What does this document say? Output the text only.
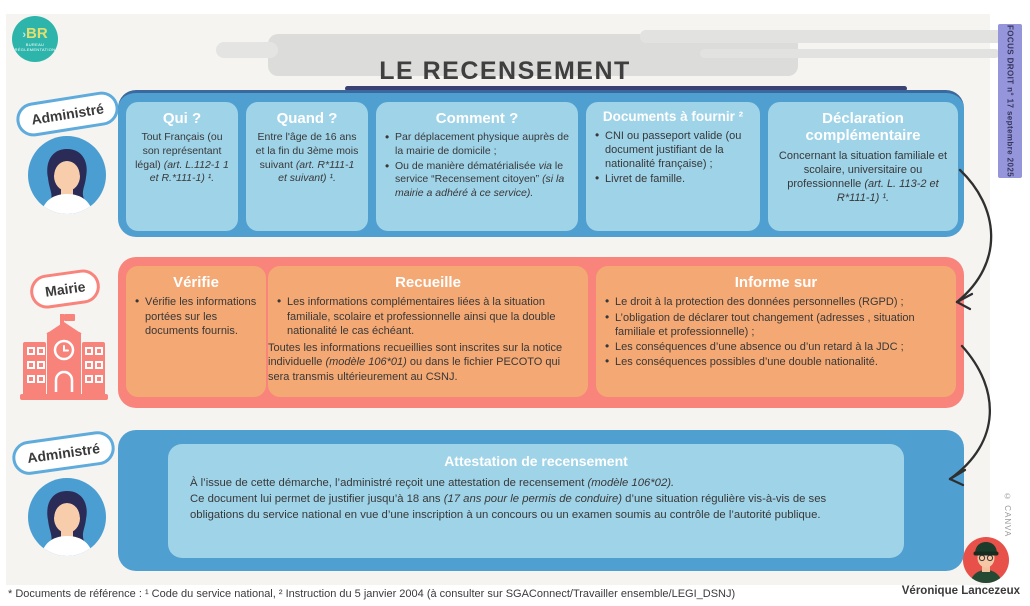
LE RECENSEMENT
›BR
BUREAU
RÉGLEMENTATION	FOCUS DROIT n° 17 septembre 2025
© CANVA
Administré
Mairie
Administré
Qui ?
Tout Français (ou son représentant légal) (art. L.112-1 1 et R.*111-1) ¹.
Quand ?
Entre l'âge de 16 ans et la fin du 3ème mois suivant (art. R*111-1 et suivant) ¹.
Comment ?
• Par déplacement physique auprès de la mairie de domicile ;
• Ou de manière dématérialisée via le service “Recensement citoyen” (si la mairie a adhéré à ce service).
Documents à fournir ²
• CNI ou passeport valide (ou document justifiant de la nationalité française) ;
• Livret de famille.
Déclaration complémentaire
Concernant la situation familiale et scolaire, universitaire ou professionnelle (art. L. 113-2 et R*111-1) ¹.
Vérifie
• Vérifie les informations portées sur les documents fournis.
Recueille
• Les informations complémentaires liées à la situation familiale, scolaire et professionnelle ainsi que la double nationalité le cas échéant.
Toutes les informations recueillies sont inscrites sur la notice individuelle (modèle 106*01) ou dans le fichier PECOTO qui sera transmis ultérieurement au CSNJ.
Informe sur
• Le droit à la protection des données personnelles (RGPD) ;
• L’obligation de déclarer tout changement (adresses , situation familiale et professionnelle) ;
• Les conséquences d’une absence ou d’un retard à la JDC ;
• Les conséquences possibles d’une double nationalité.
Attestation de recensement
À l’issue de cette démarche, l’administré reçoit une attestation de recensement (modèle 106*02).
Ce document lui permet de justifier jusqu’à 18 ans (17 ans pour le permis de conduire) d’une situation régulière vis-à-vis de ses obligations du service national en vue d’une inscription à un concours ou un examen soumis au contrôle de l’autorité publique.
* Documents de référence : ¹ Code du service national, ² Instruction du 5 janvier 2004 (à consulter sur SGAConnect/Travailler ensemble/LEGI_DSNJ)	Véronique Lancezeux
